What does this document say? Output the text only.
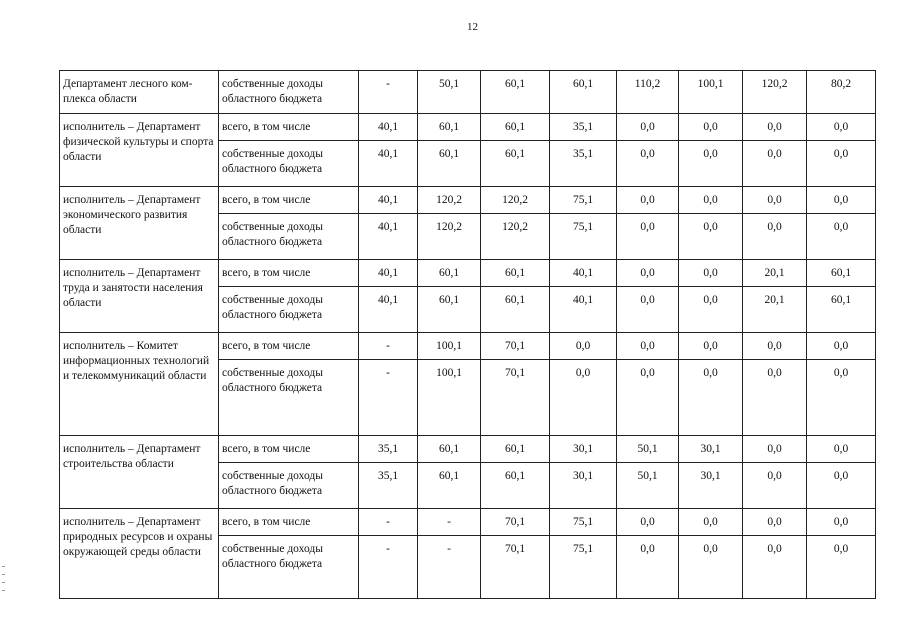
12
Департамент лесного ком-плекса области	собственные доходы областного бюджета	-	50,1	60,1	60,1	110,2	100,1	120,2	80,2
исполнитель – Департамент физической культуры и спорта области	всего, в том числе	40,1	60,1	60,1	35,1	0,0	0,0	0,0	0,0
	собственные доходы областного бюджета	40,1	60,1	60,1	35,1	0,0	0,0	0,0	0,0
исполнитель – Департамент экономического развития области	всего, в том числе	40,1	120,2	120,2	75,1	0,0	0,0	0,0	0,0
	собственные доходы областного бюджета	40,1	120,2	120,2	75,1	0,0	0,0	0,0	0,0
исполнитель – Департамент труда и занятости населения области	всего, в том числе	40,1	60,1	60,1	40,1	0,0	0,0	20,1	60,1
	собственные доходы областного бюджета	40,1	60,1	60,1	40,1	0,0	0,0	20,1	60,1
исполнитель – Комитет информационных технологий и телекоммуникаций области	всего, в том числе	-	100,1	70,1	0,0	0,0	0,0	0,0	0,0
	собственные доходы областного бюджета	-	100,1	70,1	0,0	0,0	0,0	0,0	0,0
исполнитель – Департамент строительства области	всего, в том числе	35,1	60,1	60,1	30,1	50,1	30,1	0,0	0,0
	собственные доходы областного бюджета	35,1	60,1	60,1	30,1	50,1	30,1	0,0	0,0
исполнитель – Департамент природных ресурсов и охраны окружающей среды области	всего, в том числе	-	-	70,1	75,1	0,0	0,0	0,0	0,0
	собственные доходы областного бюджета	-	-	70,1	75,1	0,0	0,0	0,0	0,0
